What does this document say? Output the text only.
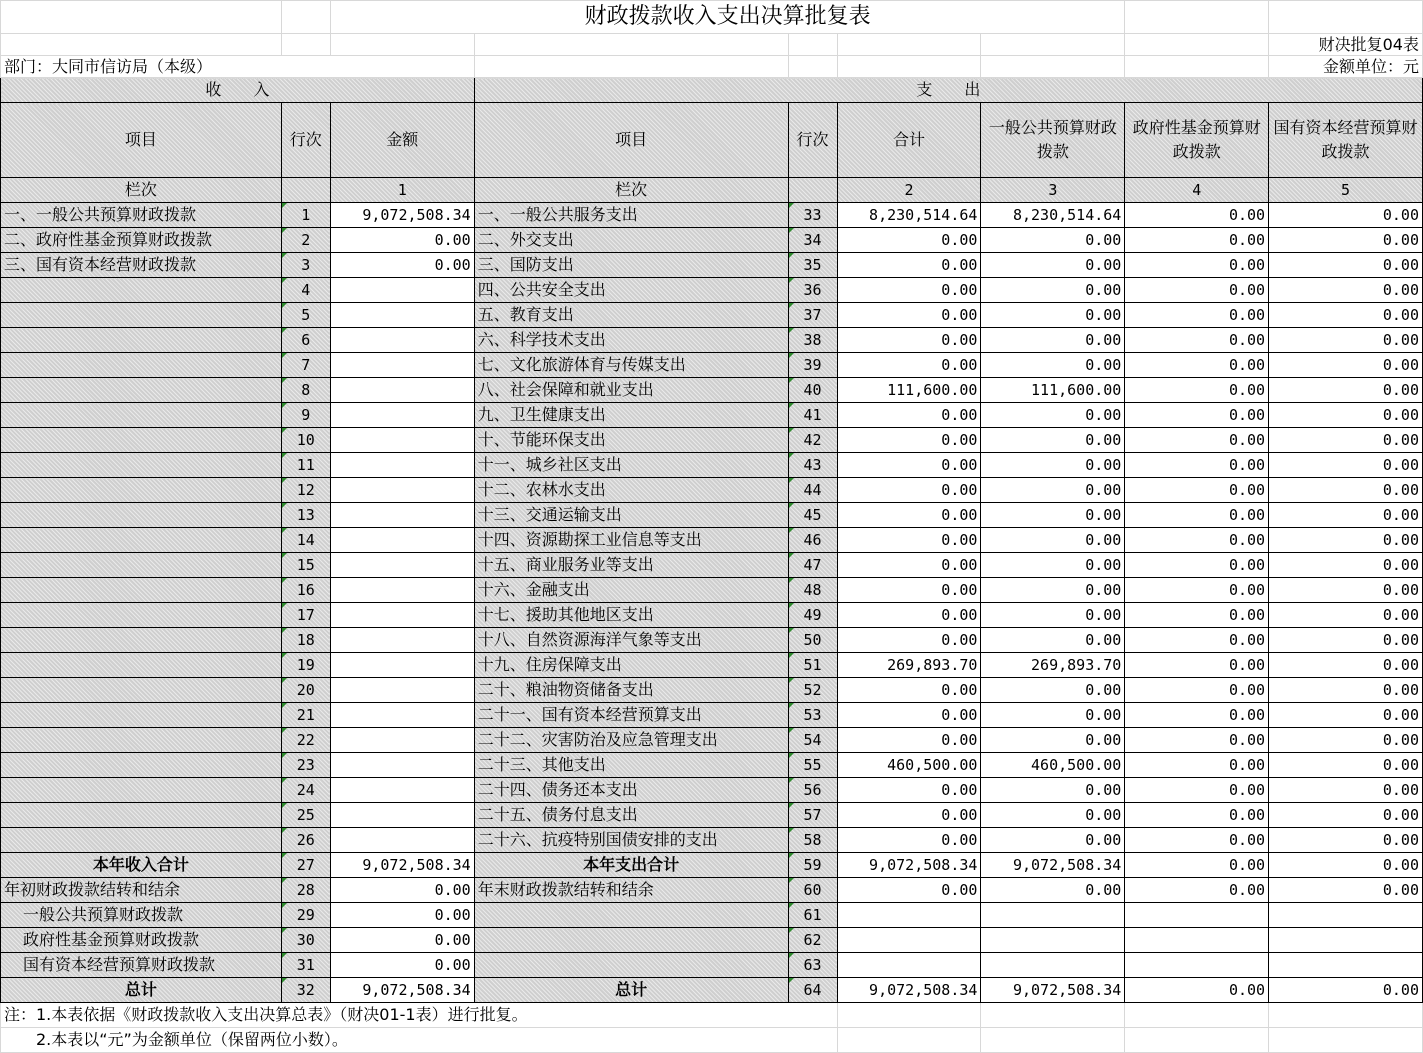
		财政拨款收入支出决算批复表						
								财决批复04表
部门：大同市信访局（本级）								金额单位：元
收　　入			支　　出					
项目	行次	金额	项目	行次	合计	一般公共预算财政拨款	政府性基金预算财政拨款	国有资本经营预算财政拨款
栏次		1	栏次		2	3	4	5
一、一般公共预算财政拨款	1	9,072,508.34	一、一般公共服务支出	33	8,230,514.64	8,230,514.64	0.00	0.00
二、政府性基金预算财政拨款	2	0.00	二、外交支出	34	0.00	0.00	0.00	0.00
三、国有资本经营财政拨款	3	0.00	三、国防支出	35	0.00	0.00	0.00	0.00
	4		四、公共安全支出	36	0.00	0.00	0.00	0.00
	5		五、教育支出	37	0.00	0.00	0.00	0.00
	6		六、科学技术支出	38	0.00	0.00	0.00	0.00
	7		七、文化旅游体育与传媒支出	39	0.00	0.00	0.00	0.00
	8		八、社会保障和就业支出	40	111,600.00	111,600.00	0.00	0.00
	9		九、卫生健康支出	41	0.00	0.00	0.00	0.00
	10		十、节能环保支出	42	0.00	0.00	0.00	0.00
	11		十一、城乡社区支出	43	0.00	0.00	0.00	0.00
	12		十二、农林水支出	44	0.00	0.00	0.00	0.00
	13		十三、交通运输支出	45	0.00	0.00	0.00	0.00
	14		十四、资源勘探工业信息等支出	46	0.00	0.00	0.00	0.00
	15		十五、商业服务业等支出	47	0.00	0.00	0.00	0.00
	16		十六、金融支出	48	0.00	0.00	0.00	0.00
	17		十七、援助其他地区支出	49	0.00	0.00	0.00	0.00
	18		十八、自然资源海洋气象等支出	50	0.00	0.00	0.00	0.00
	19		十九、住房保障支出	51	269,893.70	269,893.70	0.00	0.00
	20		二十、粮油物资储备支出	52	0.00	0.00	0.00	0.00
	21		二十一、国有资本经营预算支出	53	0.00	0.00	0.00	0.00
	22		二十二、灾害防治及应急管理支出	54	0.00	0.00	0.00	0.00
	23		二十三、其他支出	55	460,500.00	460,500.00	0.00	0.00
	24		二十四、债务还本支出	56	0.00	0.00	0.00	0.00
	25		二十五、债务付息支出	57	0.00	0.00	0.00	0.00
	26		二十六、抗疫特别国债安排的支出	58	0.00	0.00	0.00	0.00
本年收入合计	27	9,072,508.34	本年支出合计	59	9,072,508.34	9,072,508.34	0.00	0.00
年初财政拨款结转和结余	28	0.00	年末财政拨款结转和结余	60	0.00	0.00	0.00	0.00
一般公共预算财政拨款	29	0.00		61				
政府性基金预算财政拨款	30	0.00		62				
国有资本经营预算财政拨款	31	0.00		63				
总计	32	9,072,508.34	总计	64	9,072,508.34	9,072,508.34	0.00	0.00
注：1.本表依据《财政拨款收入支出决算总表》（财决01-1表）进行批复。								
　　2.本表以“元”为金额单位（保留两位小数）。								
